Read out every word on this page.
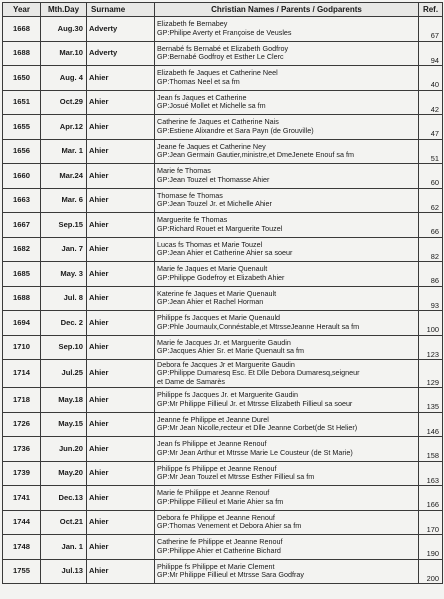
Year	Mth.Day	Surname	Christian Names / Parents / Godparents	Ref.
1668	Aug.30	Adverty	Elizabeth fe Bernabey
GP:Philipe Averty et Françoise de Veusles	67
1688	Mar.10	Adverty	Bernabé fs Bernabé et Elizabeth Godfroy
GP:Bernabé Godfroy et Esther Le Clerc	94
1650	Aug. 4	Ahier	Elizabeth fe Jaques et Catherine Neel
GP:Thomas Neel et sa fm	40
1651	Oct.29	Ahier	Jean fs Jaques et Catherine
GP:Josué Mollet et Michelle sa fm	42
1655	Apr.12	Ahier	Catherine fe Jaques et Catherine Nais
GP:Estiene Alixandre et Sara Payn (de Grouville)	47
1656	Mar. 1	Ahier	Jeane fe Jaques et Catherine Ney
GP:Jean Germain Gautier,ministre,et DmeJenete Enouf sa fm	51
1660	Mar.24	Ahier	Marie fe Thomas
GP:Jean Touzel et Thomasse Ahier	60
1663	Mar. 6	Ahier	Thomase fe Thomas
GP:Jean Touzel Jr. et Michelle Ahier	62
1667	Sep.15	Ahier	Marguerite fe Thomas
GP:Richard Rouet et Marguerite Touzel	66
1682	Jan. 7	Ahier	Lucas fs Thomas et Marie Touzel
GP:Jean Ahier et Catherine Ahier sa soeur	82
1685	May. 3	Ahier	Marie fe Jaques et Marie Quenault
GP:Philippe Godefroy et Elizabeth Ahier	86
1688	Jul. 8	Ahier	Katerine fe Jaques et Marie Quenault
GP:Jean Ahier et Rachel Horman	93
1694	Dec. 2	Ahier	Philippe fs Jacques et Marie Quenauld
GP:Phle Journaulx,Connéstable,et MtrsseJeanne Herault sa fm	100
1710	Sep.10	Ahier	Marie fe Jacques Jr. et Marguerite Gaudin
GP:Jacques Ahier Sr. et Marie Quenault sa fm	123
1714	Jul.25	Ahier	Debora fe Jacques Jr et Marguerite Gaudin
GP:Philippe Dumaresq Esc. Et Dlle Debora Dumaresq,seigneur
et Dame de Samarès	129
1718	May.18	Ahier	Philippe fs Jacques Jr. et Marguerite Gaudin
GP:Mr Philippe Fillieul Jr. et Mtrsse Elizabeth Fillieul sa soeur	135
1726	May.15	Ahier	Jeanne fe Philippe et Jeanne Durel
GP:Mr Jean Nicolle,recteur et Dlle Jeanne Corbet(de St Helier)	146
1736	Jun.20	Ahier	Jean fs Philippe et Jeanne Renouf
GP:Mr Jean Arthur et Mtrsse Marie Le Cousteur (de St Marie)	158
1739	May.20	Ahier	Philippe fs Philippe et Jeanne Renouf
GP:Mr Jean Touzel et Mtrsse Esther Fillieul sa fm	163
1741	Dec.13	Ahier	Marie fe Philippe et Jeanne Renouf
GP:Philippe Fillieul et Marie Ahier sa fm	166
1744	Oct.21	Ahier	Debora fe Philippe et Jeanne Renouf
GP:Thomas Venement et Debora Ahier sa fm	170
1748	Jan. 1	Ahier	Catherine fe Philippe et Jeanne Renouf
GP:Philippe Ahier et Catherine Bichard	190
1755	Jul.13	Ahier	Philippe fs Philippe et Marie Clement
GP:Mr Philippe Fillieul et Mtrsse Sara Godfray	200
